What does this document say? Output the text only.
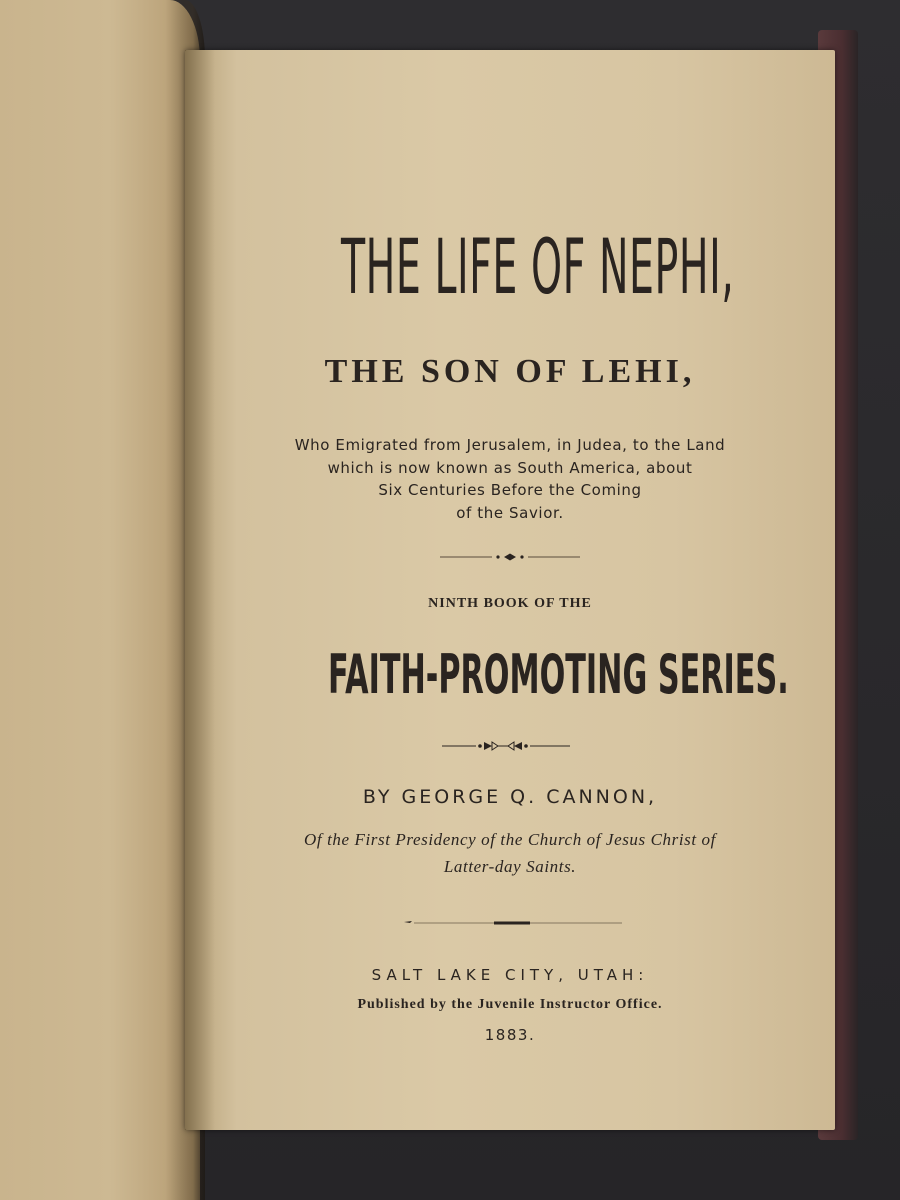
THE LIFE OF NEPHI,
THE SON OF LEHI,

Who Emigrated from Jerusalem, in Judea, to the Land
which is now known as South America, about
Six Centuries Before the Coming
of the Savior.

NINTH BOOK OF THE

FAITH-PROMOTING SERIES.

BY GEORGE Q. CANNON,

Of the First Presidency of the Church of Jesus Christ of
Latter-day Saints.

SALT LAKE CITY, UTAH:

Published by the Juvenile Instructor Office.

1883.
